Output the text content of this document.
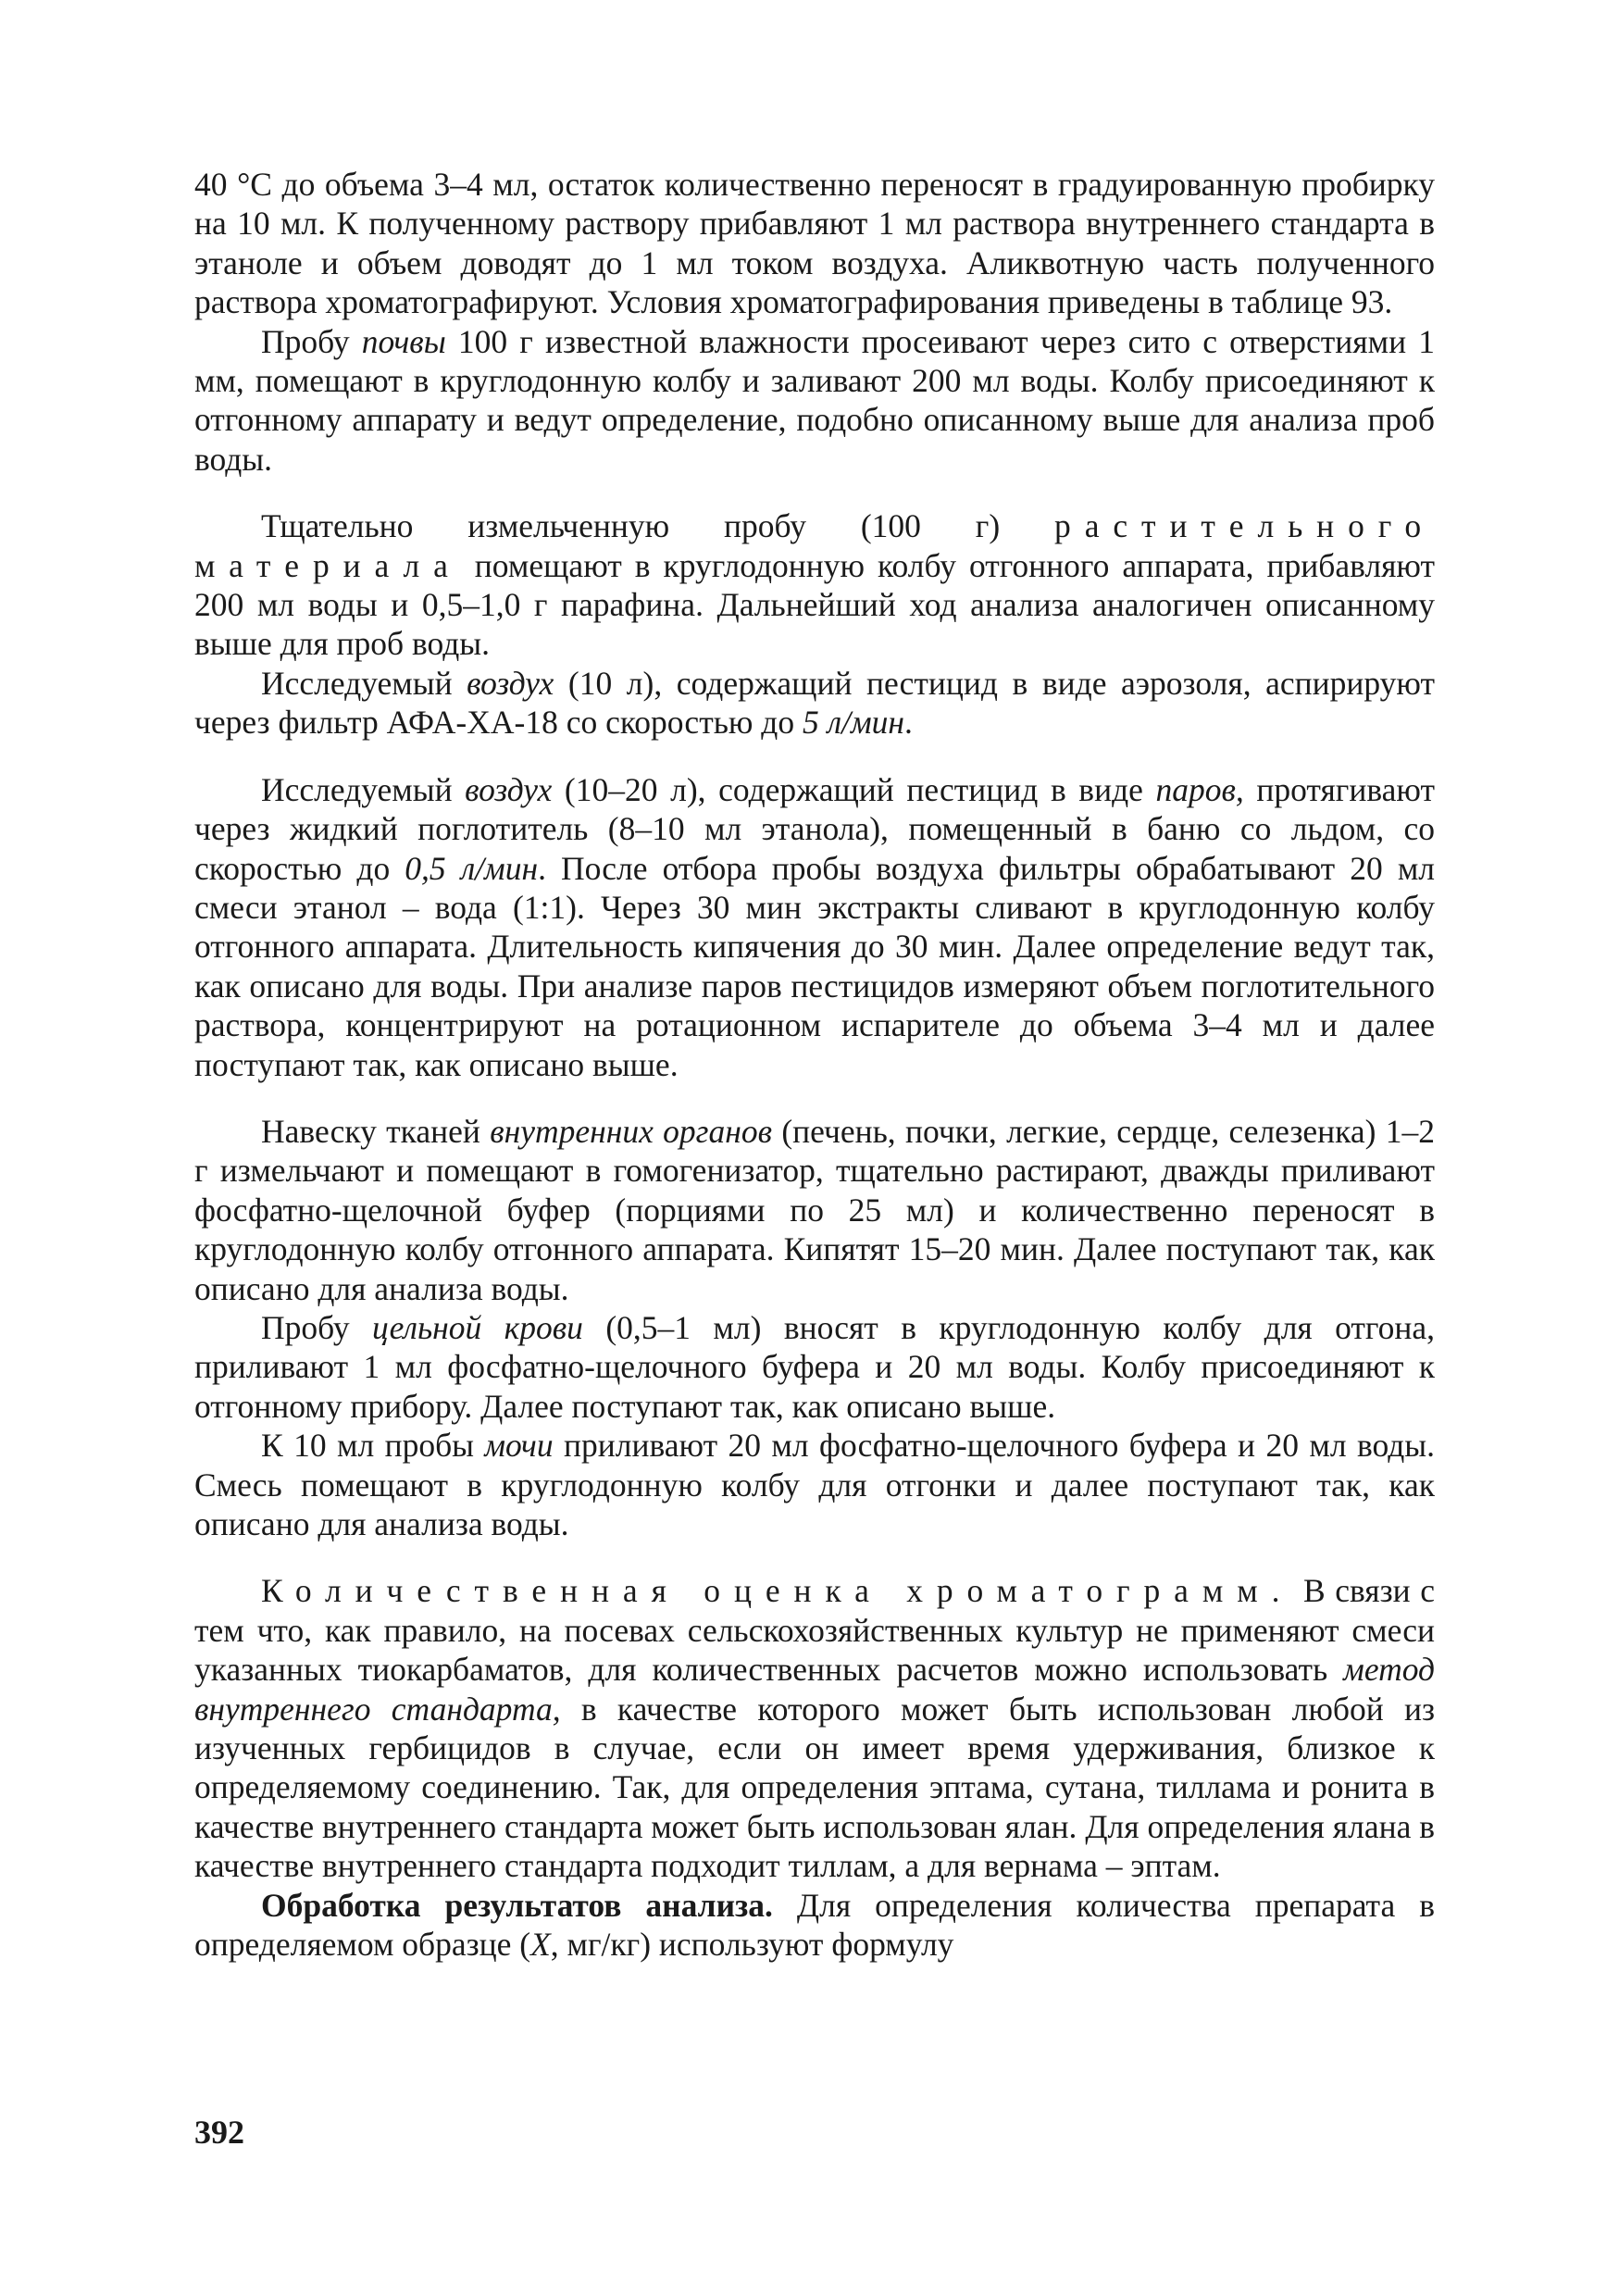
40 °C до объема 3–4 мл, остаток количественно переносят в градуированную пробирку на 10 мл. К полученному раствору прибавляют 1 мл раствора внутреннего стандарта в этаноле и объем доводят до 1 мл током воздуха. Аликвотную часть полученного раствора хроматографируют. Условия хроматографирования приведены в таблице 93.

Пробу почвы 100 г известной влажности просеивают через сито с отверстиями 1 мм, помещают в круглодонную колбу и заливают 200 мл воды. Колбу присоединяют к отгонному аппарату и ведут определение, подобно описанному выше для анализа проб воды.

Тщательно измельченную пробу (100 г) растительного материала помещают в круглодонную колбу отгонного аппарата, прибавляют 200 мл воды и 0,5–1,0 г парафина. Дальнейший ход анализа аналогичен описанному выше для проб воды.

Исследуемый воздух (10 л), содержащий пестицид в виде аэрозоля, аспирируют через фильтр АФА-ХА-18 со скоростью до 5 л/мин.

Исследуемый воздух (10–20 л), содержащий пестицид в виде паров, протягивают через жидкий поглотитель (8–10 мл этанола), помещенный в баню со льдом, со скоростью до 0,5 л/мин. После отбора пробы воздуха фильтры обрабатывают 20 мл смеси этанол – вода (1:1). Через 30 мин экстракты сливают в круглодонную колбу отгонного аппарата. Длительность кипячения до 30 мин. Далее определение ведут так, как описано для воды. При анализе паров пестицидов измеряют объем поглотительного раствора, концентрируют на ротационном испарителе до объема 3–4 мл и далее поступают так, как описано выше.

Навеску тканей внутренних органов (печень, почки, легкие, сердце, селезенка) 1–2 г измельчают и помещают в гомогенизатор, тщательно растирают, дважды приливают фосфатно-щелочной буфер (порциями по 25 мл) и количественно переносят в круглодонную колбу отгонного аппарата. Кипятят 15–20 мин. Далее поступают так, как описано для анализа воды.

Пробу цельной крови (0,5–1 мл) вносят в круглодонную колбу для отгона, приливают 1 мл фосфатно-щелочного буфера и 20 мл воды. Колбу присоединяют к отгонному прибору. Далее поступают так, как описано выше.

К 10 мл пробы мочи приливают 20 мл фосфатно-щелочного буфера и 20 мл воды. Смесь помещают в круглодонную колбу для отгонки и далее поступают так, как описано для анализа воды.

Количественная оценка хроматограмм. В связи с тем что, как правило, на посевах сельскохозяйственных культур не применяют смеси указанных тиокарбаматов, для количественных расчетов можно использовать метод внутреннего стандарта, в качестве которого может быть использован любой из изученных гербицидов в случае, если он имеет время удерживания, близкое к определяемому соединению. Так, для определения эптама, сутана, тиллама и ронита в качестве внутреннего стандарта может быть использован ялан. Для определения ялана в качестве внутреннего стандарта подходит тиллам, а для вернама – эптам.

Обработка результатов анализа. Для определения количества препарата в определяемом образце (X, мг/кг) используют формулу

392
